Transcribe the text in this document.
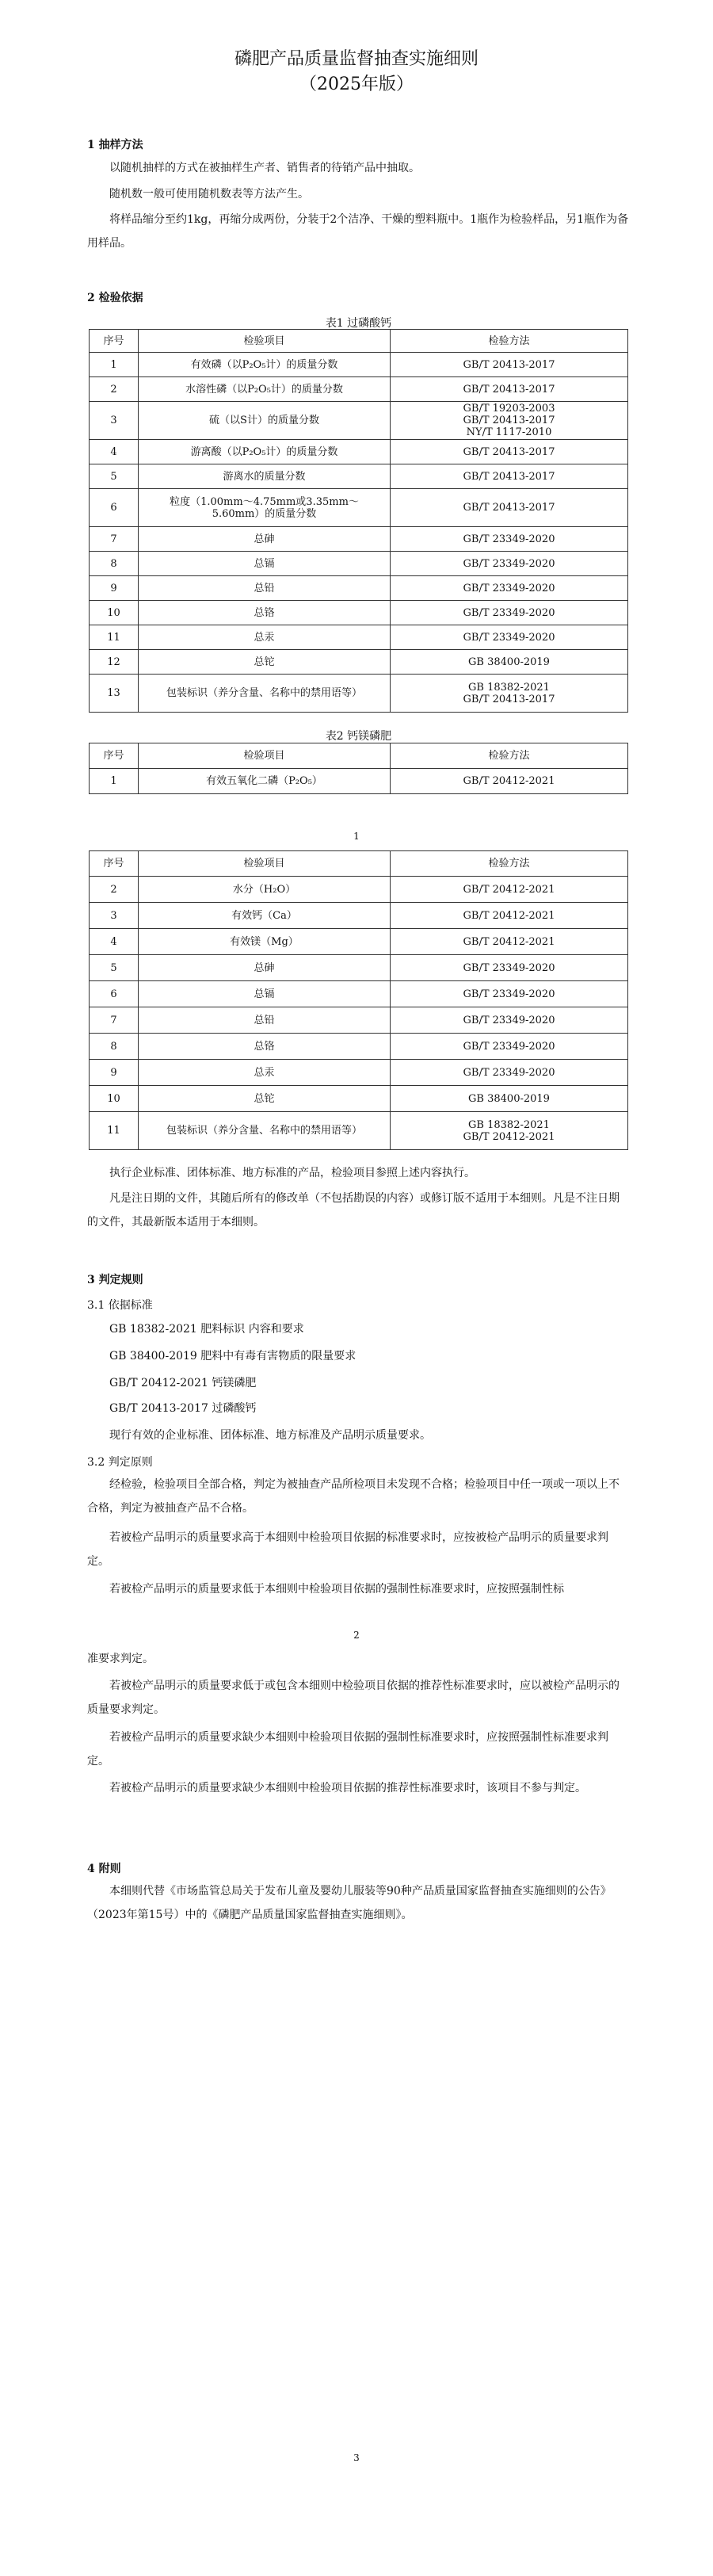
磷肥产品质量监督抽查实施细则
（2025年版）
1 抽样方法
以随机抽样的方式在被抽样生产者、销售者的待销产品中抽取。
随机数一般可使用随机数表等方法产生。
将样品缩分至约1kg，再缩分成两份，分装于2个洁净、干燥的塑料瓶中。1瓶作为检验样品，另1瓶作为备用样品。
2 检验依据
表1 过磷酸钙
序号	检验项目	检验方法
1	有效磷（以P₂O₅计）的质量分数	GB/T 20413-2017
2	水溶性磷（以P₂O₅计）的质量分数	GB/T 20413-2017
3	硫（以S计）的质量分数	GB/T 19203-2003
GB/T 20413-2017
NY/T 1117-2010
4	游离酸（以P₂O₅计）的质量分数	GB/T 20413-2017
5	游离水的质量分数	GB/T 20413-2017
6	粒度（1.00mm～4.75mm或3.35mm～
5.60mm）的质量分数	GB/T 20413-2017
7	总砷	GB/T 23349-2020
8	总镉	GB/T 23349-2020
9	总铅	GB/T 23349-2020
10	总铬	GB/T 23349-2020
11	总汞	GB/T 23349-2020
12	总铊	GB 38400-2019
13	包装标识（养分含量、名称中的禁用语等）	GB 18382-2021
GB/T 20413-2017
表2 钙镁磷肥
序号	检验项目	检验方法
1	有效五氧化二磷（P₂O₅）	GB/T 20412-2021
1
序号	检验项目	检验方法
2	水分（H₂O）	GB/T 20412-2021
3	有效钙（Ca）	GB/T 20412-2021
4	有效镁（Mg）	GB/T 20412-2021
5	总砷	GB/T 23349-2020
6	总镉	GB/T 23349-2020
7	总铅	GB/T 23349-2020
8	总铬	GB/T 23349-2020
9	总汞	GB/T 23349-2020
10	总铊	GB 38400-2019
11	包装标识（养分含量、名称中的禁用语等）	GB 18382-2021
GB/T 20412-2021
执行企业标准、团体标准、地方标准的产品，检验项目参照上述内容执行。
凡是注日期的文件，其随后所有的修改单（不包括勘误的内容）或修订版不适用于本细则。凡是不注日期的文件，其最新版本适用于本细则。
3 判定规则
3.1 依据标准
GB 18382-2021 肥料标识 内容和要求
GB 38400-2019 肥料中有毒有害物质的限量要求
GB/T 20412-2021 钙镁磷肥
GB/T 20413-2017 过磷酸钙
现行有效的企业标准、团体标准、地方标准及产品明示质量要求。
3.2 判定原则
经检验，检验项目全部合格，判定为被抽查产品所检项目未发现不合格；检验项目中任一项或一项以上不合格，判定为被抽查产品不合格。
若被检产品明示的质量要求高于本细则中检验项目依据的标准要求时，应按被检产品明示的质量要求判定。
若被检产品明示的质量要求低于本细则中检验项目依据的强制性标准要求时，应按照强制性标
2
准要求判定。
若被检产品明示的质量要求低于或包含本细则中检验项目依据的推荐性标准要求时，应以被检产品明示的质量要求判定。
若被检产品明示的质量要求缺少本细则中检验项目依据的强制性标准要求时，应按照强制性标准要求判定。
若被检产品明示的质量要求缺少本细则中检验项目依据的推荐性标准要求时，该项目不参与判定。
4 附则
本细则代替《市场监管总局关于发布儿童及婴幼儿服装等90种产品质量国家监督抽查实施细则的公告》（2023年第15号）中的《磷肥产品质量国家监督抽查实施细则》。
3
